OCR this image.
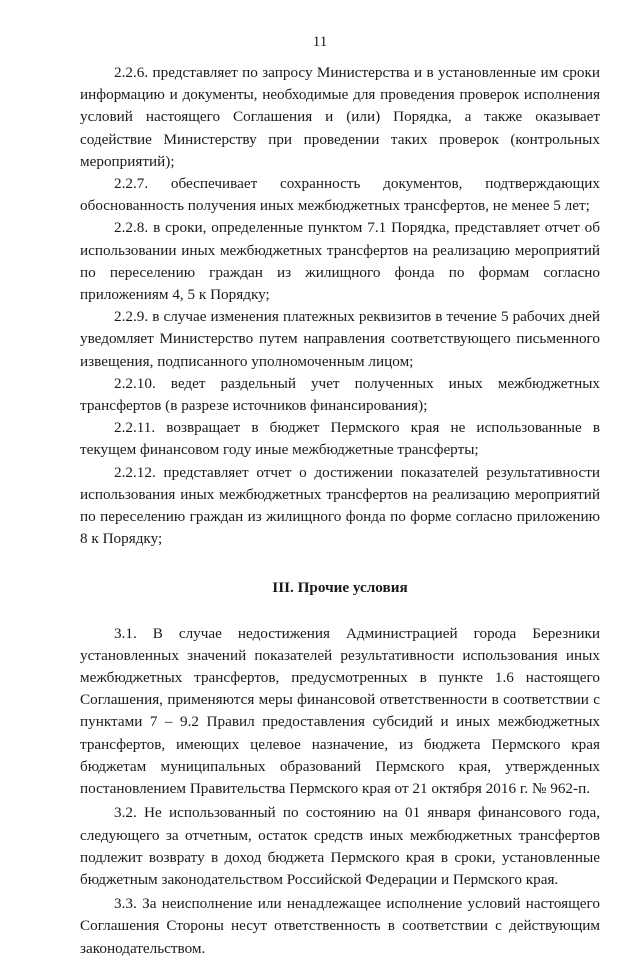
11

2.2.6. представляет по запросу Министерства и в установленные им сроки информацию и документы, необходимые для проведения проверок исполнения условий настоящего Соглашения и (или) Порядка, а также оказывает содействие Министерству при проведении таких проверок (контрольных мероприятий);

2.2.7. обеспечивает сохранность документов, подтверждающих обоснованность получения иных межбюджетных трансфертов, не менее 5 лет;

2.2.8. в сроки, определенные пунктом 7.1 Порядка, представляет отчет об использовании иных межбюджетных трансфертов на реализацию мероприятий по переселению граждан из жилищного фонда по формам согласно приложениям 4, 5 к Порядку;

2.2.9. в случае изменения платежных реквизитов в течение 5 рабочих дней уведомляет Министерство путем направления соответствующего письменного извещения, подписанного уполномоченным лицом;

2.2.10. ведет раздельный учет полученных иных межбюджетных трансфертов (в разрезе источников финансирования);

2.2.11. возвращает в бюджет Пермского края не использованные в текущем финансовом году иные межбюджетные трансферты;

2.2.12. представляет отчет о достижении показателей результативности использования иных межбюджетных трансфертов на реализацию мероприятий по переселению граждан из жилищного фонда по форме согласно приложению 8 к Порядку;

III. Прочие условия

3.1. В случае недостижения Администрацией города Березники установленных значений показателей результативности использования иных межбюджетных трансфертов, предусмотренных в пункте 1.6 настоящего Соглашения, применяются меры финансовой ответственности в соответствии с пунктами 7 – 9.2 Правил предоставления субсидий и иных межбюджетных трансфертов, имеющих целевое назначение, из бюджета Пермского края бюджетам муниципальных образований Пермского края, утвержденных постановлением Правительства Пермского края от 21 октября 2016 г. № 962-п.

3.2. Не использованный по состоянию на 01 января финансового года, следующего за отчетным, остаток средств иных межбюджетных трансфертов подлежит возврату в доход бюджета Пермского края в сроки, установленные бюджетным законодательством Российской Федерации и Пермского края.

3.3. За неисполнение или ненадлежащее исполнение условий настоящего Соглашения Стороны несут ответственность в соответствии с действующим законодательством.
